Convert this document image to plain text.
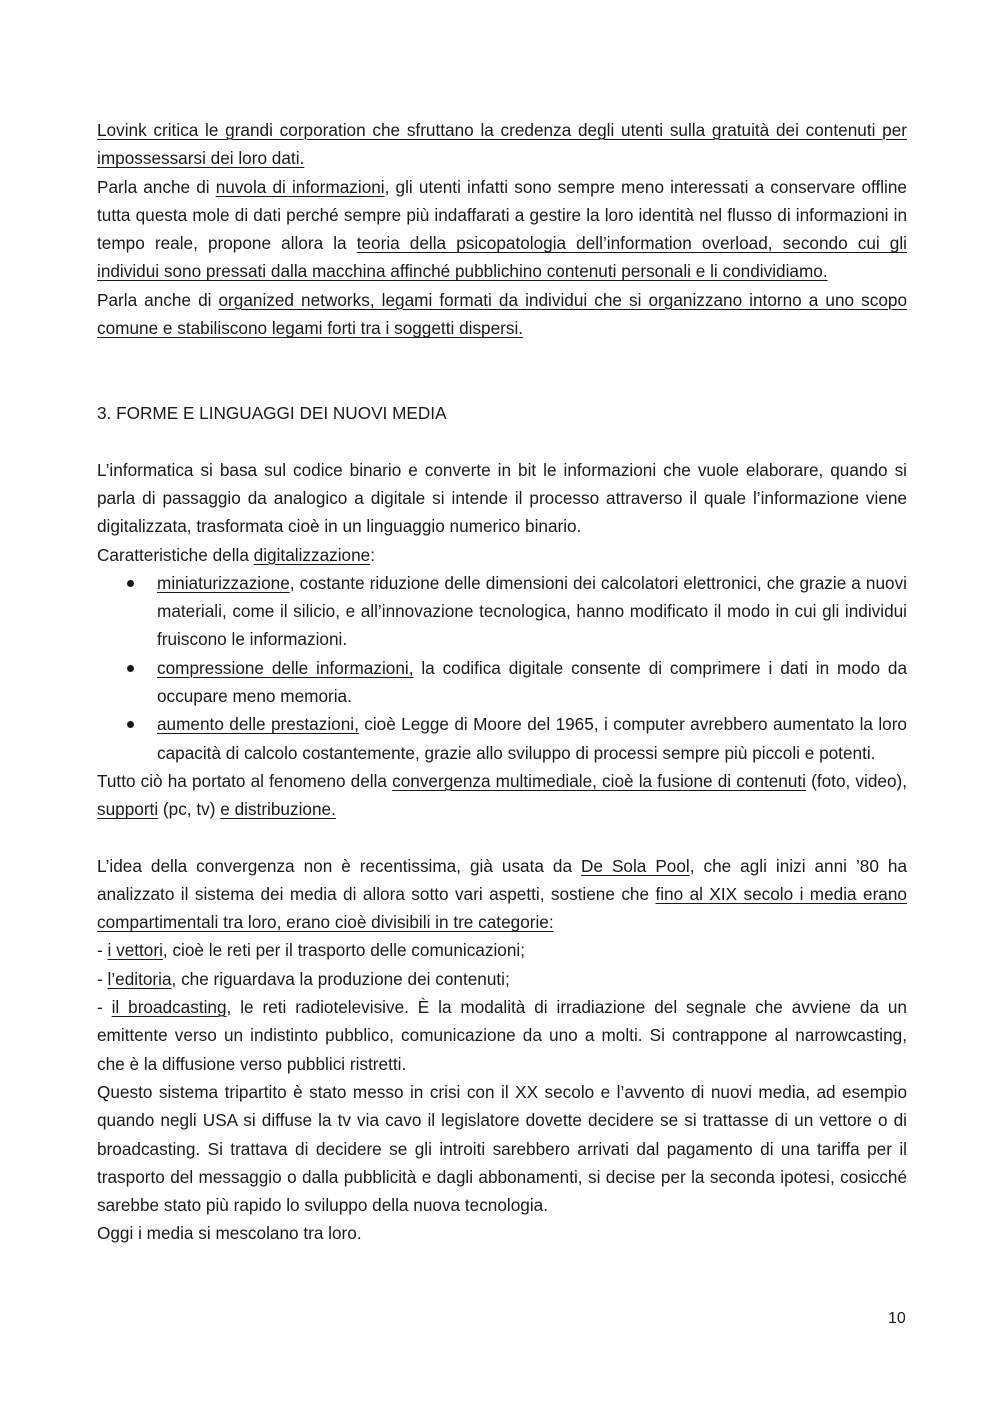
Lovink critica le grandi corporation che sfruttano la credenza degli utenti sulla gratuità dei contenuti per impossessarsi dei loro dati.

Parla anche di nuvola di informazioni, gli utenti infatti sono sempre meno interessati a conservare offline tutta questa mole di dati perché sempre più indaffarati a gestire la loro identità nel flusso di informazioni in tempo reale, propone allora la teoria della psicopatologia dell’information overload, secondo cui gli individui sono pressati dalla macchina affinché pubblichino contenuti personali e li condividiamo.

Parla anche di organized networks, legami formati da individui che si organizzano intorno a uno scopo comune e stabiliscono legami forti tra i soggetti dispersi.

3. FORME E LINGUAGGI DEI NUOVI MEDIA

L’informatica si basa sul codice binario e converte in bit le informazioni che vuole elaborare, quando si parla di passaggio da analogico a digitale si intende il processo attraverso il quale l’informazione viene digitalizzata, trasformata cioè in un linguaggio numerico binario.

Caratteristiche della digitalizzazione:

miniaturizzazione, costante riduzione delle dimensioni dei calcolatori elettronici, che grazie a nuovi materiali, come il silicio, e all’innovazione tecnologica, hanno modificato il modo in cui gli individui fruiscono le informazioni.
compressione delle informazioni, la codifica digitale consente di comprimere i dati in modo da occupare meno memoria.
aumento delle prestazioni, cioè Legge di Moore del 1965, i computer avrebbero aumentato la loro capacità di calcolo costantemente, grazie allo sviluppo di processi sempre più piccoli e potenti.

Tutto ciò ha portato al fenomeno della convergenza multimediale, cioè la fusione di contenuti (foto, video), supporti (pc, tv) e distribuzione.

L’idea della convergenza non è recentissima, già usata da De Sola Pool, che agli inizi anni ’80 ha analizzato il sistema dei media di allora sotto vari aspetti, sostiene che fino al XIX secolo i media erano compartimentali tra loro, erano cioè divisibili in tre categorie:

- i vettori, cioè le reti per il trasporto delle comunicazioni;

- l’editoria, che riguardava la produzione dei contenuti;

- il broadcasting, le reti radiotelevisive. È la modalità di irradiazione del segnale che avviene da un emittente verso un indistinto pubblico, comunicazione da uno a molti. Si contrappone al narrowcasting, che è la diffusione verso pubblici ristretti.

Questo sistema tripartito è stato messo in crisi con il XX secolo e l’avvento di nuovi media, ad esempio quando negli USA si diffuse la tv via cavo il legislatore dovette decidere se si trattasse di un vettore o di broadcasting. Si trattava di decidere se gli introiti sarebbero arrivati dal pagamento di una tariffa per il trasporto del messaggio o dalla pubblicità e dagli abbonamenti, si decise per la seconda ipotesi, cosicché sarebbe stato più rapido lo sviluppo della nuova tecnologia.

Oggi i media si mescolano tra loro.

10
